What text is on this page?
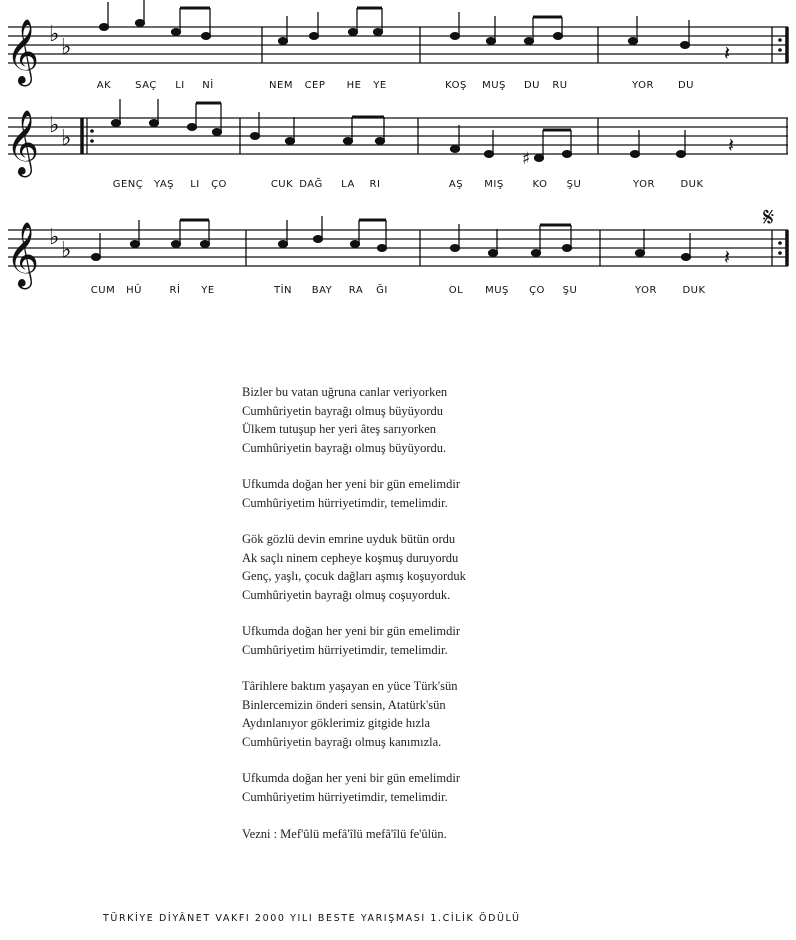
𝄞 ♭
♭	𝄽
AK SAÇ LI Nİ	NEM CEP HE YE	KOŞ MUŞ DU RU	YOR DU
𝄞 ♭
♭
♯
𝄽
GENÇ YAŞ LI ÇO	CUK DAĞ LA RI	AŞ MIŞ	KO ŞU	YOR	DUK
𝄞 ♭
♭	𝄽
𝄋
CUM HÛ	Rİ YE	TİN BAY RA ĞI	OL MUŞ ÇO ŞU	YOR	DUK
Bizler bu vatan uğruna canlar veriyorken
Cumhûriyetin bayrağı olmuş büyüyordu
Ülkem tutuşup her yeri âteş sarıyorken
Cumhûriyetin bayrağı olmuş büyüyordu.
Ufkumda doğan her yeni bir gün emelimdir
Cumhûriyetim hürriyetimdir, temelimdir.
Gök gözlü devin emrine uyduk bütün ordu
Ak saçlı ninem cepheye koşmuş duruyordu
Genç, yaşlı, çocuk dağları aşmış koşuyorduk
Cumhûriyetin bayrağı olmuş coşuyorduk.
Ufkumda doğan her yeni bir gün emelimdir
Cumhûriyetim hürriyetimdir, temelimdir.
Târihlere baktım yaşayan en yüce Türk'sün
Binlercemizin önderi sensin, Atatürk'sün
Aydınlanıyor göklerimiz gitgide hızla
Cumhûriyetin bayrağı olmuş kanımızla.
Ufkumda doğan her yeni bir gün emelimdir
Cumhûriyetim hürriyetimdir, temelimdir.
Vezni : Mef'ûlü mefâ'îlü mefâ'îlü fe'ûlün.
TÜRKİYE DİYÂNET VAKFI 2000 YILI BESTE YARIŞMASI 1.CİLİK ÖDÜLÜ
